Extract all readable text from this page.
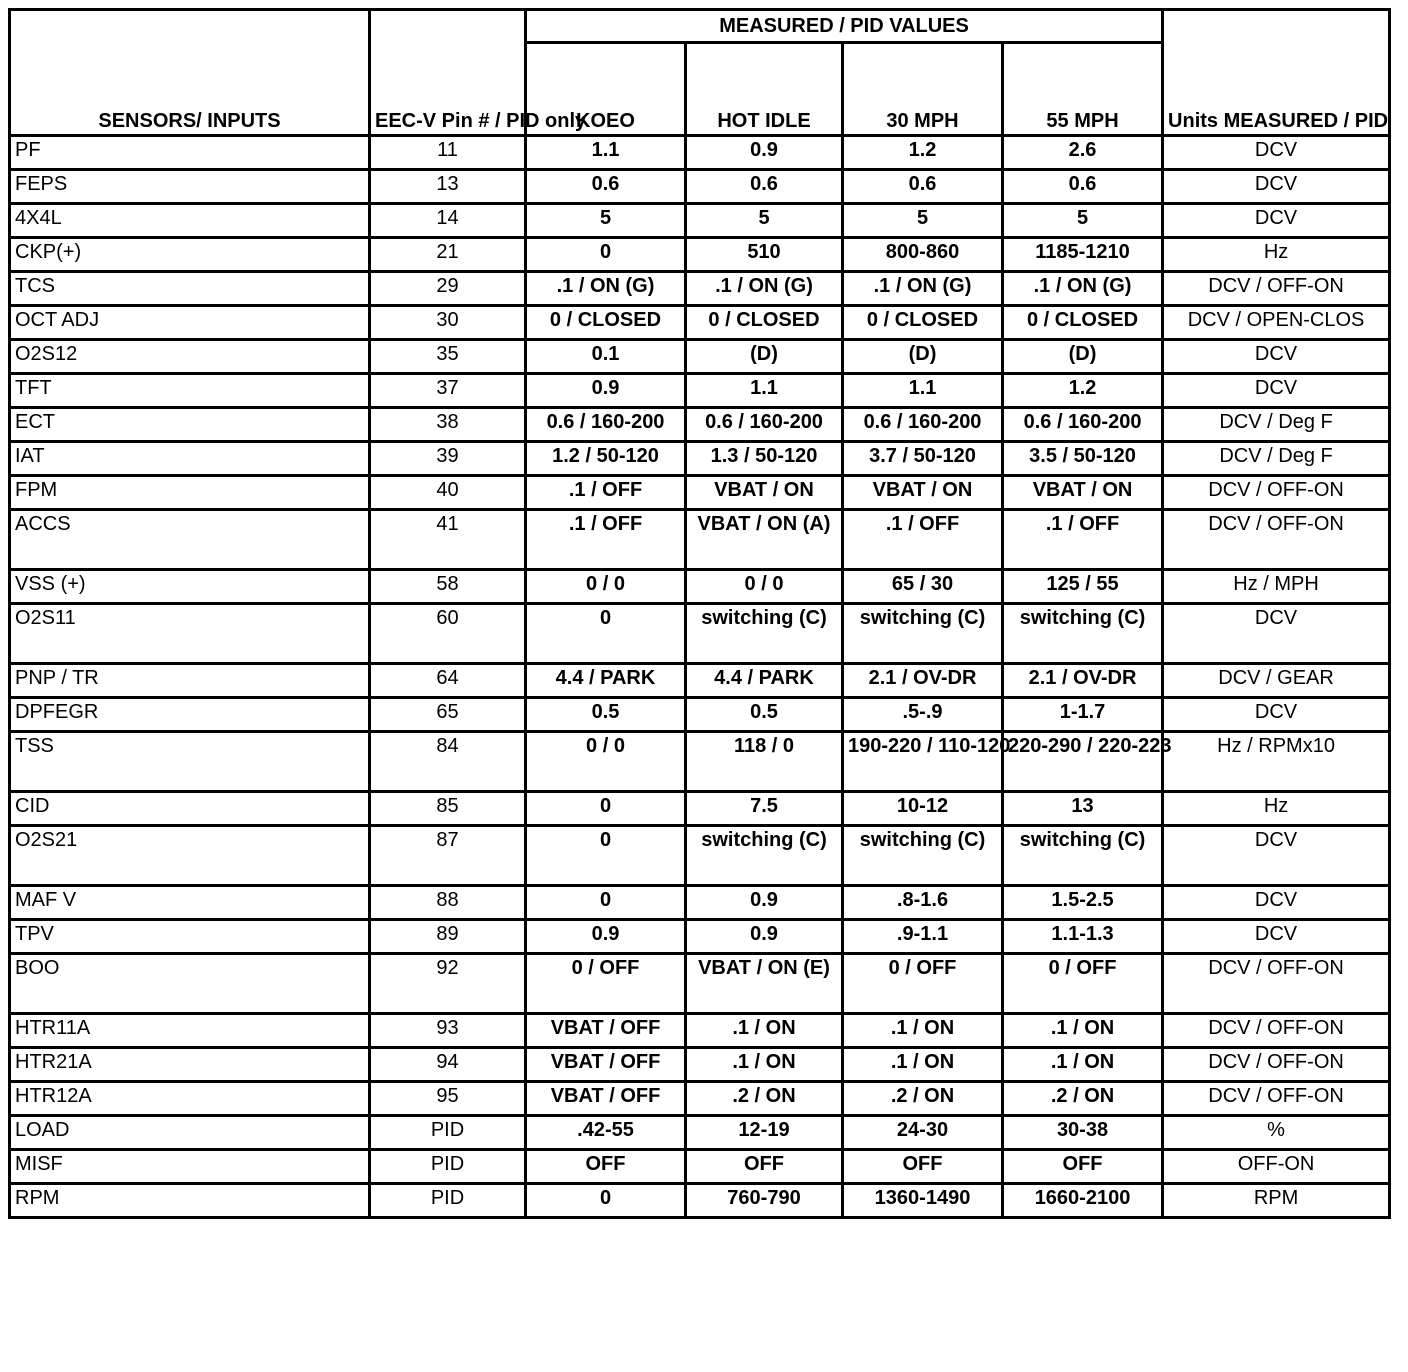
SENSORS/ INPUTS	EEC-V Pin # / PID only	MEASURED / PID VALUES				Units MEASURED / PID
		KOEO	HOT IDLE	30 MPH	55 MPH	
PF	11	1.1	0.9	1.2	2.6	DCV
FEPS	13	0.6	0.6	0.6	0.6	DCV
4X4L	14	5	5	5	5	DCV
CKP(+)	21	0	510	800-860	1185-1210	Hz
TCS	29	.1 / ON (G)	.1 / ON (G)	.1 / ON (G)	.1 / ON (G)	DCV / OFF-ON
OCT ADJ	30	0 / CLOSED	0 / CLOSED	0 / CLOSED	0 / CLOSED	DCV / OPEN-CLOS
O2S12	35	0.1	(D)	(D)	(D)	DCV
TFT	37	0.9	1.1	1.1	1.2	DCV
ECT	38	0.6 / 160-200	0.6 / 160-200	0.6 / 160-200	0.6 / 160-200	DCV / Deg F
IAT	39	1.2 / 50-120	1.3 / 50-120	3.7 / 50-120	3.5 / 50-120	DCV / Deg F
FPM	40	.1 / OFF	VBAT / ON	VBAT / ON	VBAT / ON	DCV / OFF-ON
ACCS	41	.1 / OFF	VBAT / ON (A)	.1 / OFF	.1 / OFF	DCV / OFF-ON
VSS (+)	58	0 / 0	0 / 0	65 / 30	125 / 55	Hz / MPH
O2S11	60	0	switching (C)	switching (C)	switching (C)	DCV
PNP / TR	64	4.4 / PARK	4.4 / PARK	2.1 / OV-DR	2.1 / OV-DR	DCV / GEAR
DPFEGR	65	0.5	0.5	.5-.9	1-1.7	DCV
TSS	84	0 / 0	118 / 0	190-220 / 110-120	220-290 / 220-223	Hz / RPMx10
CID	85	0	7.5	10-12	13	Hz
O2S21	87	0	switching (C)	switching (C)	switching (C)	DCV
MAF V	88	0	0.9	.8-1.6	1.5-2.5	DCV
TPV	89	0.9	0.9	.9-1.1	1.1-1.3	DCV
BOO	92	0 / OFF	VBAT / ON (E)	0 / OFF	0 / OFF	DCV / OFF-ON
HTR11A	93	VBAT / OFF	.1 / ON	.1 / ON	.1 / ON	DCV / OFF-ON
HTR21A	94	VBAT / OFF	.1 / ON	.1 / ON	.1 / ON	DCV / OFF-ON
HTR12A	95	VBAT / OFF	.2 / ON	.2 / ON	.2 / ON	DCV / OFF-ON
LOAD	PID	.42-55	12-19	24-30	30-38	%
MISF	PID	OFF	OFF	OFF	OFF	OFF-ON
RPM	PID	0	760-790	1360-1490	1660-2100	RPM
